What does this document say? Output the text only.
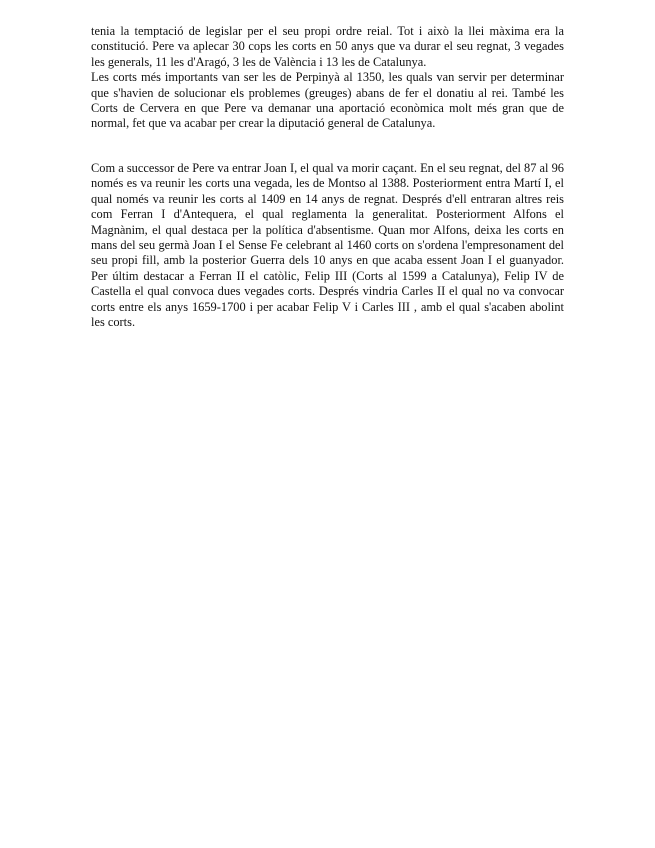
tenia la temptació de legislar per el seu propi ordre reial. Tot i això la llei màxima era la constitució. Pere va aplecar 30 cops les corts en 50 anys que va durar el seu regnat, 3 vegades les generals, 11 les d'Aragó, 3 les de València i 13 les de Catalunya.
Les corts més importants van ser les de Perpinyà al 1350, les quals van servir per determinar que s'havien de solucionar els problemes (greuges) abans de fer el donatiu al rei. També les Corts de Cervera en que Pere va demanar una aportació econòmica molt més gran que de normal, fet que va acabar per crear la diputació general de Catalunya.
Com a successor de Pere va entrar Joan I, el qual va morir caçant. En el seu regnat, del 87 al 96 només es va reunir les corts una vegada, les de Montso al 1388. Posteriorment entra Martí I, el qual només va reunir les corts al 1409 en 14 anys de regnat. Després d'ell entraran altres reis com Ferran I d'Antequera, el qual reglamenta la generalitat. Posteriorment Alfons el Magnànim, el qual destaca per la política d'absentisme. Quan mor Alfons, deixa les corts en mans del seu germà Joan I el Sense Fe celebrant al 1460 corts on s'ordena l'empresonament del seu propi fill, amb la posterior Guerra dels 10 anys en que acaba essent Joan I el guanyador. Per últim destacar a Ferran II el catòlic, Felip III (Corts al 1599 a Catalunya), Felip IV de Castella el qual convoca dues vegades corts. Després vindria Carles II el qual no va convocar corts entre els anys 1659-1700 i per acabar Felip V i Carles III , amb el qual s'acaben abolint les corts.
